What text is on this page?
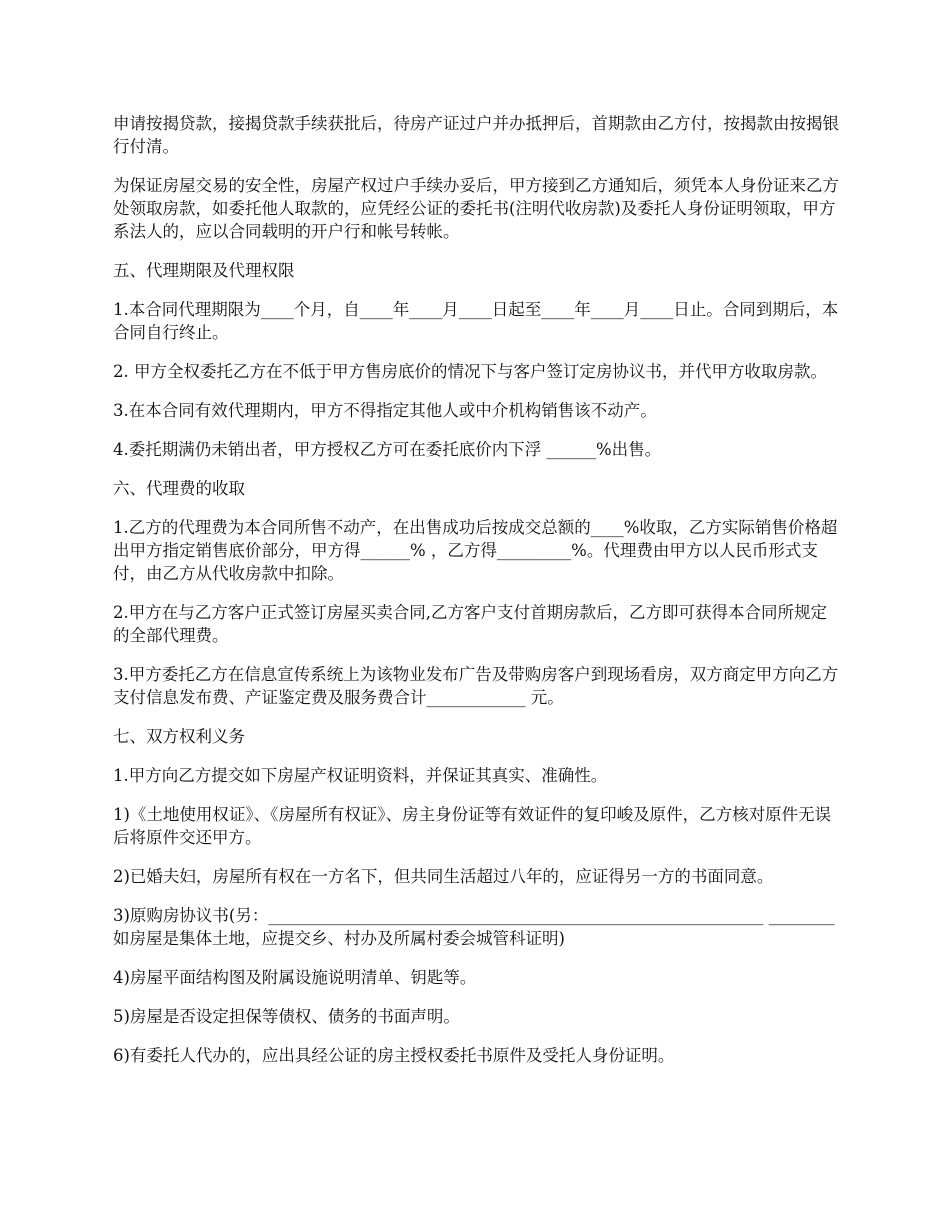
申请按揭贷款，接揭贷款手续获批后，待房产证过户并办抵押后，首期款由乙方付，按揭款由按揭银行付清。

为保证房屋交易的安全性，房屋产权过户手续办妥后，甲方接到乙方通知后，须凭本人身份证来乙方处领取房款，如委托他人取款的，应凭经公证的委托书(注明代收房款)及委托人身份证明领取，甲方系法人的，应以合同载明的开户行和帐号转帐。

五、代理期限及代理权限

1.本合同代理期限为____个月，自____年____月____日起至____年____月____日止。合同到期后，本合同自行终止。

2. 甲方全权委托乙方在不低于甲方售房底价的情况下与客户签订定房协议书，并代甲方收取房款。

3.在本合同有效代理期内，甲方不得指定其他人或中介机构销售该不动产。

4.委托期满仍未销出者，甲方授权乙方可在委托底价内下浮 ______%出售。

六、代理费的收取

1.乙方的代理费为本合同所售不动产，在出售成功后按成交总额的____%收取，乙方实际销售价格超出甲方指定销售底价部分，甲方得______% ，乙方得_________%。代理费由甲方以人民币形式支付，由乙方从代收房款中扣除。

2.甲方在与乙方客户正式签订房屋买卖合同,乙方客户支付首期房款后，乙方即可获得本合同所规定的全部代理费。

3.甲方委托乙方在信息宣传系统上为该物业发布广告及带购房客户到现场看房，双方商定甲方向乙方支付信息发布费、产证鉴定费及服务费合计____________ 元。

七、双方权利义务

1.甲方向乙方提交如下房屋产权证明资料，并保证其真实、准确性。

1)《土地使用权证》、《房屋所有权证》、房主身份证等有效证件的复印峻及原件，乙方核对原件无误后将原件交还甲方。

2)已婚夫妇，房屋所有权在一方名下，但共同生活超过八年的，应证得另一方的书面同意。

3)原购房协议书(另：____________________________________________________________ ________如房屋是集体土地，应提交乡、村办及所属村委会城管科证明)

4)房屋平面结构图及附属设施说明清单、钥匙等。

5)房屋是否设定担保等债权、债务的书面声明。

6)有委托人代办的，应出具经公证的房主授权委托书原件及受托人身份证明。
